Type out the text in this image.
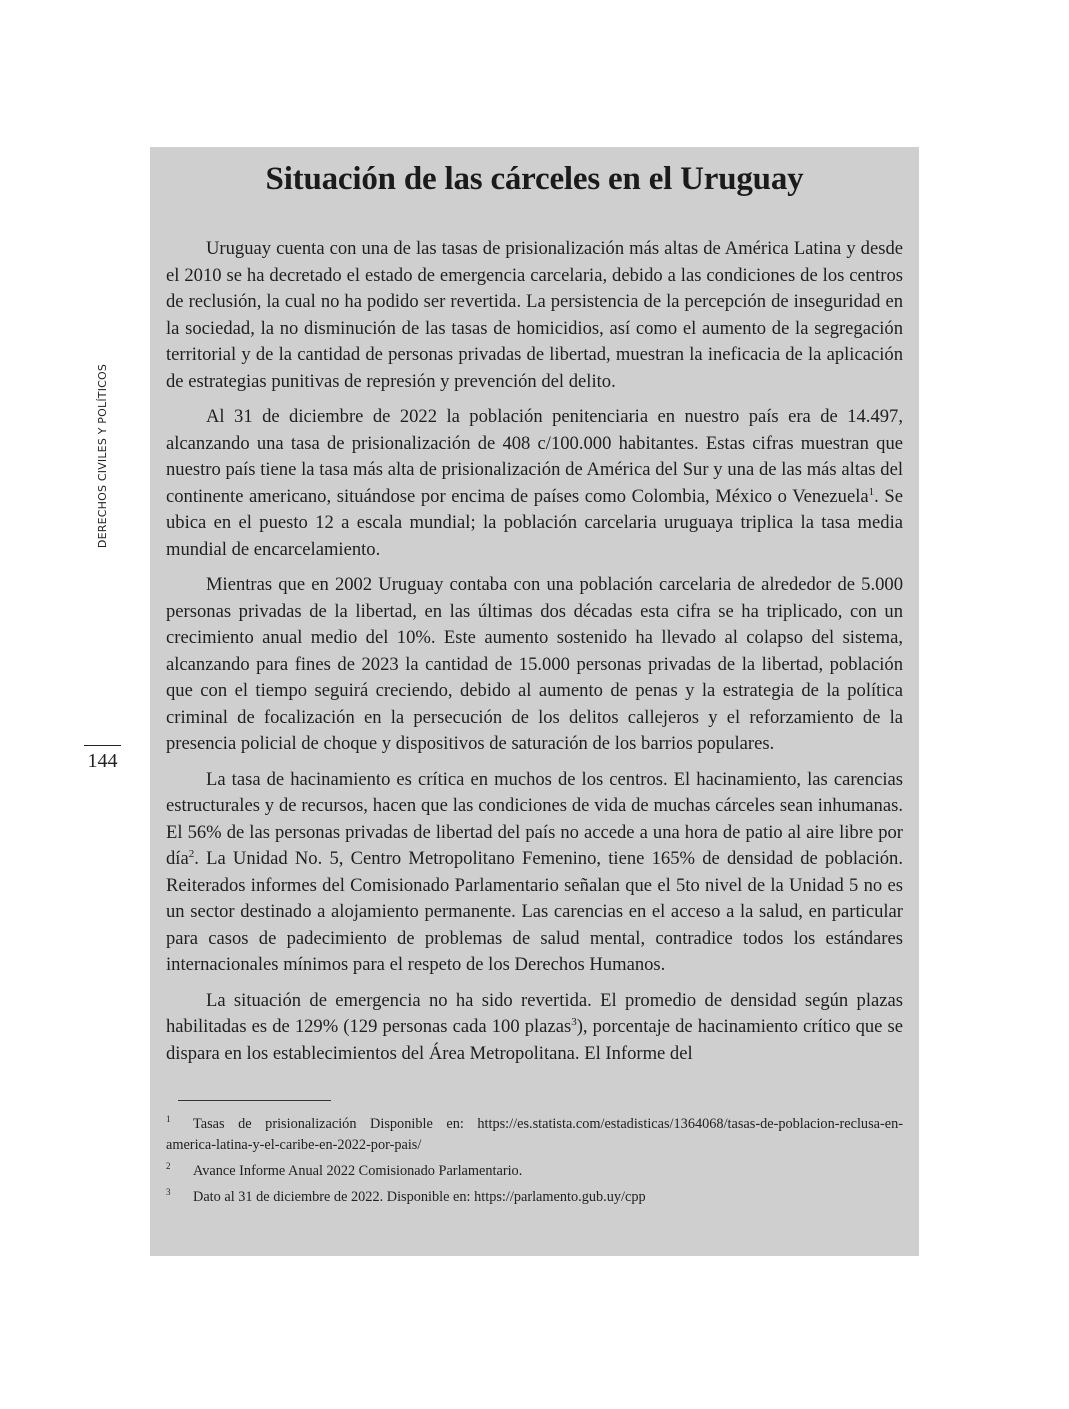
DERECHOS CIVILES Y POLÍTICOS
144
Situación de las cárceles en el Uruguay

Uruguay cuenta con una de las tasas de prisionalización más altas de América Latina y desde el 2010 se ha decretado el estado de emergencia carcelaria, debido a las condiciones de los centros de reclusión, la cual no ha podido ser revertida. La persistencia de la percepción de inseguridad en la sociedad, la no disminución de las tasas de homicidios, así como el aumento de la segregación territorial y de la cantidad de personas privadas de libertad, muestran la ineficacia de la aplicación de estrategias punitivas de represión y prevención del delito.

Al 31 de diciembre de 2022 la población penitenciaria en nuestro país era de 14.497, alcanzando una tasa de prisionalización de 408 c/100.000 habitantes. Estas cifras muestran que nuestro país tiene la tasa más alta de prisionalización de América del Sur y una de las más altas del continente americano, situándose por encima de países como Colombia, México o Venezuela$^1$. Se ubica en el puesto 12 a escala mundial; la población carcelaria uruguaya triplica la tasa media mundial de encarcelamiento.

Mientras que en 2002 Uruguay contaba con una población carcelaria de alrededor de 5.000 personas privadas de la libertad, en las últimas dos décadas esta cifra se ha triplicado, con un crecimiento anual medio del 10%. Este aumento sostenido ha llevado al colapso del sistema, alcanzando para fines de 2023 la cantidad de 15.000 personas privadas de la libertad, población que con el tiempo seguirá creciendo, debido al aumento de penas y la estrategia de la política criminal de focalización en la persecución de los delitos callejeros y el reforzamiento de la presencia policial de choque y dispositivos de saturación de los barrios populares.

La tasa de hacinamiento es crítica en muchos de los centros. El hacinamiento, las carencias estructurales y de recursos, hacen que las condiciones de vida de muchas cárceles sean inhumanas. El 56% de las personas privadas de libertad del país no accede a una hora de patio al aire libre por día$^2$. La Unidad No. 5, Centro Metropolitano Femenino, tiene 165% de densidad de población. Reiterados informes del Comisionado Parlamentario señalan que el 5to nivel de la Unidad 5 no es un sector destinado a alojamiento permanente. Las carencias en el acceso a la salud, en particular para casos de padecimiento de problemas de salud mental, contradice todos los estándares internacionales mínimos para el respeto de los Derechos Humanos.

La situación de emergencia no ha sido revertida. El promedio de densidad según plazas habilitadas es de 129% (129 personas cada 100 plazas$^3$), porcentaje de hacinamiento crítico que se dispara en los establecimientos del Área Metropolitana. El Informe del

1 Tasas de prisionalización Disponible en: https://es.statista.com/estadisticas/1364068/tasas-de-poblacion-reclusa-en-america-latina-y-el-caribe-en-2022-por-pais/
2 Avance Informe Anual 2022 Comisionado Parlamentario.
3 Dato al 31 de diciembre de 2022. Disponible en: https://parlamento.gub.uy/cpp
